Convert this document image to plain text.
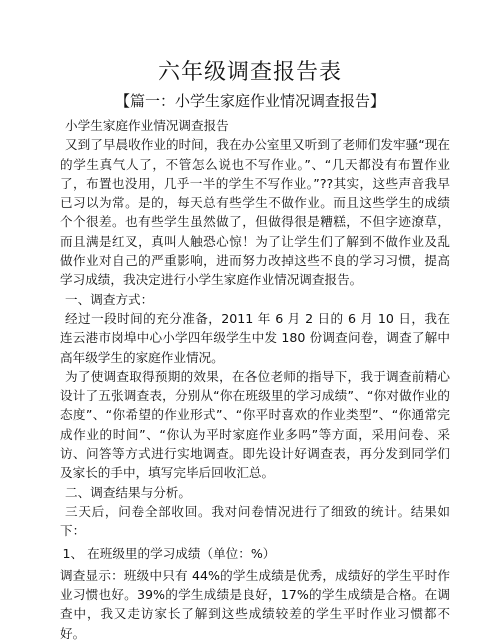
六年级调查报告表
【篇一：小学生家庭作业情况调查报告】

小学生家庭作业情况调查报告

又到了早晨收作业的时间，我在办公室里又听到了老师们发牢骚“现在的学生真气人了，不管怎么说也不写作业。”、“几天都没有布置作业了，布置也没用，几乎一半的学生不写作业。”??其实，这些声音我早已习以为常。是的，每天总有些学生不做作业。而且这些学生的成绩个个很差。也有些学生虽然做了，但做得很是糟糕，不但字迹潦草，而且满是红叉，真叫人触恐心惊！为了让学生们了解到不做作业及乱做作业对自己的严重影响，进而努力改掉这些不良的学习习惯，提高学习成绩，我决定进行小学生家庭作业情况调查报告。

一、调查方式：

经过一段时间的充分准备，2011 年 6 月 2 日的 6 月 10 日，我在连云港市岗埠中心小学四年级学生中发 180 份调查问卷，调查了解中高年级学生的家庭作业情况。

为了使调查取得预期的效果，在各位老师的指导下，我于调查前精心设计了五张调查表，分别从“你在班级里的学习成绩”、“你对做作业的态度”、“你希望的作业形式”、“你平时喜欢的作业类型”、“你通常完成作业的时间”、“你认为平时家庭作业多吗”等方面，采用问卷、采访、问答等方式进行实地调查。即先设计好调查表，再分发到同学们及家长的手中，填写完毕后回收汇总。

二、调查结果与分析。

三天后，问卷全部收回。我对问卷情况进行了细致的统计。结果如下：

1、 在班级里的学习成绩（单位：%）

调查显示：班级中只有 44%的学生成绩是优秀，成绩好的学生平时作业习惯也好。39%的学生成绩是良好，17%的学生成绩是合格。在调查中，我又走访家长了解到这些成绩较差的学生平时作业习惯都不好。
